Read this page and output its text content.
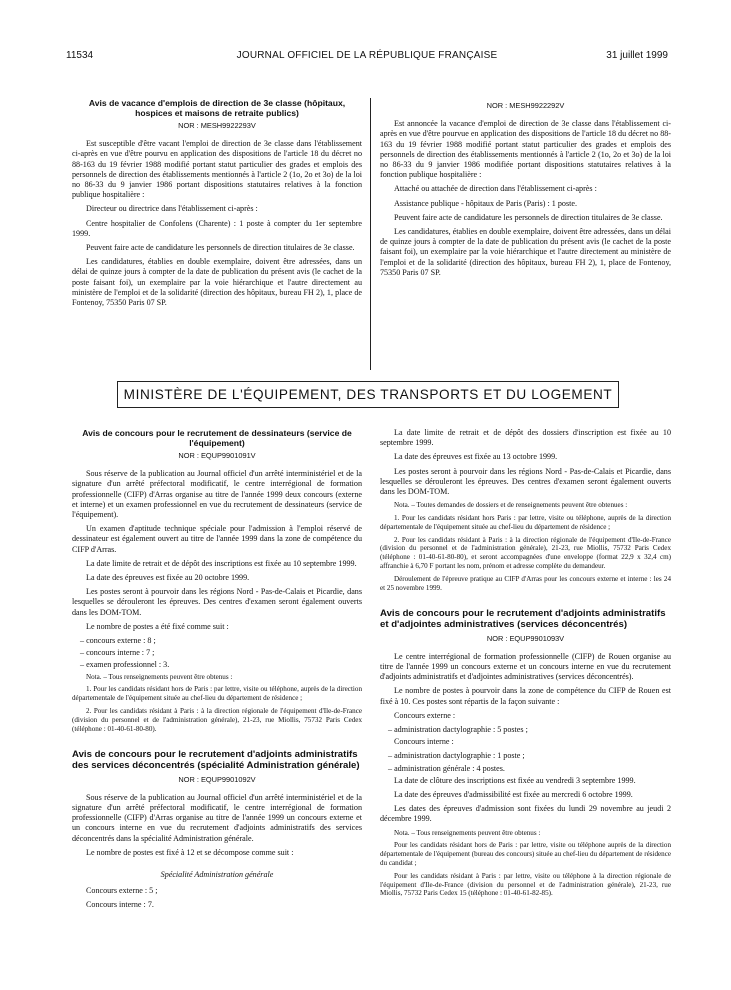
11534	JOURNAL OFFICIEL DE LA RÉPUBLIQUE FRANÇAISE	31 juillet 1999
Avis de vacance d'emplois de direction de 3e classe (hôpitaux, hospices et maisons de retraite publics)
NOR : MESH9922293V

Est susceptible d'être vacant l'emploi de direction de 3e classe dans l'établissement ci-après en vue d'être pourvu en application des dispositions de l'article 18 du décret no 88-163 du 19 février 1988 modifié portant statut particulier des grades et emplois des personnels de direction des établissements mentionnés à l'article 2 (1o, 2o et 3o) de la loi no 86-33 du 9 janvier 1986 portant dispositions statutaires relatives à la fonction publique hospitalière :

Directeur ou directrice dans l'établissement ci-après :

Centre hospitalier de Confolens (Charente) : 1 poste à compter du 1er septembre 1999.

Peuvent faire acte de candidature les personnels de direction titulaires de 3e classe.

Les candidatures, établies en double exemplaire, doivent être adressées, dans un délai de quinze jours à compter de la date de publication du présent avis (le cachet de la poste faisant foi), un exemplaire par la voie hiérarchique et l'autre directement au ministère de l'emploi et de la solidarité (direction des hôpitaux, bureau FH 2), 1, place de Fontenoy, 75350 Paris 07 SP.

NOR : MESH9922292V

Est annoncée la vacance d'emploi de direction de 3e classe dans l'établissement ci-après en vue d'être pourvue en application des dispositions de l'article 18 du décret no 88-163 du 19 février 1988 modifié portant statut particulier des grades et emplois des personnels de direction des établissements mentionnés à l'article 2 (1o, 2o et 3o) de la loi no 86-33 du 9 janvier 1986 modifiée portant dispositions statutaires relatives à la fonction publique hospitalière :

Attaché ou attachée de direction dans l'établissement ci-après :

Assistance publique - hôpitaux de Paris (Paris) : 1 poste.

Peuvent faire acte de candidature les personnels de direction titulaires de 3e classe.

Les candidatures, établies en double exemplaire, doivent être adressées, dans un délai de quinze jours à compter de la date de publication du présent avis (le cachet de la poste faisant foi), un exemplaire par la voie hiérarchique et l'autre directement au ministère de l'emploi et de la solidarité (direction des hôpitaux, bureau FH 2), 1, place de Fontenoy, 75350 Paris 07 SP.

MINISTÈRE DE L'ÉQUIPEMENT, DES TRANSPORTS ET DU LOGEMENT
Avis de concours pour le recrutement de dessinateurs (service de l'équipement)
NOR : EQUP9901091V

Sous réserve de la publication au Journal officiel d'un arrêté interministériel et de la signature d'un arrêté préfectoral modificatif, le centre interrégional de formation professionnelle (CIFP) d'Arras organise au titre de l'année 1999 deux concours (externe et interne) et un examen professionnel en vue du recrutement de dessinateurs (service de l'équipement).

Un examen d'aptitude technique spéciale pour l'admission à l'emploi réservé de dessinateur est également ouvert au titre de l'année 1999 dans la zone de compétence du CIFP d'Arras.

La date limite de retrait et de dépôt des inscriptions est fixée au 10 septembre 1999.

La date des épreuves est fixée au 20 octobre 1999.

Les postes seront à pourvoir dans les régions Nord - Pas-de-Calais et Picardie, dans lesquelles se dérouleront les épreuves. Des centres d'examen seront également ouverts dans les DOM-TOM.

Le nombre de postes a été fixé comme suit :

– concours externe : 8 ;

– concours interne : 7 ;

– examen professionnel : 3.

Nota. – Tous renseignements peuvent être obtenus :

1. Pour les candidats résidant hors de Paris : par lettre, visite ou téléphone, auprès de la direction départementale de l'équipement située au chef-lieu du département de résidence ;

2. Pour les candidats résidant à Paris : à la direction régionale de l'équipement d'Ile-de-France (division du personnel et de l'administration générale), 21-23, rue Miollis, 75732 Paris Cedex (téléphone : 01-40-61-80-80).

Avis de concours pour le recrutement d'adjoints administratifs des services déconcentrés (spécialité Administration générale)
NOR : EQUP9901092V

Sous réserve de la publication au Journal officiel d'un arrêté interministériel et de la signature d'un arrêté préfectoral modificatif, le centre interrégional de formation professionnelle (CIFP) d'Arras organise au titre de l'année 1999 un concours externe et un concours interne en vue du recrutement d'adjoints administratifs des services déconcentrés dans la spécialité Administration générale.

Le nombre de postes est fixé à 12 et se décompose comme suit :

Spécialité Administration générale

Concours externe : 5 ;

Concours interne : 7.

La date limite de retrait et de dépôt des dossiers d'inscription est fixée au 10 septembre 1999.

La date des épreuves est fixée au 13 octobre 1999.

Les postes seront à pourvoir dans les régions Nord - Pas-de-Calais et Picardie, dans lesquelles se dérouleront les épreuves. Des centres d'examen seront également ouverts dans les DOM-TOM.

Nota. – Toutes demandes de dossiers et de renseignements peuvent être obtenues :

1. Pour les candidats résidant hors Paris : par lettre, visite ou téléphone, auprès de la direction départementale de l'équipement située au chef-lieu du département de résidence ;

2. Pour les candidats résidant à Paris : à la direction régionale de l'équipement d'Ile-de-France (division du personnel et de l'administration générale), 21-23, rue Miollis, 75732 Paris Cedex (téléphone : 01-40-61-80-80), et seront accompagnées d'une enveloppe (format 22,9 x 32,4 cm) affranchie à 6,70 F portant les nom, prénom et adresse complète du demandeur.

Déroulement de l'épreuve pratique au CIFP d'Arras pour les concours externe et interne : les 24 et 25 novembre 1999.

Avis de concours pour le recrutement d'adjoints administratifs et d'adjointes administratives (services déconcentrés)
NOR : EQUP9901093V

Le centre interrégional de formation professionnelle (CIFP) de Rouen organise au titre de l'année 1999 un concours externe et un concours interne en vue du recrutement d'adjoints administratifs et d'adjointes administratives (services déconcentrés).

Le nombre de postes à pourvoir dans la zone de compétence du CIFP de Rouen est fixé à 10. Ces postes sont répartis de la façon suivante :

Concours externe :

– administration dactylographie : 5 postes ;

Concours interne :

– administration dactylographie : 1 poste ;

– administration générale : 4 postes.

La date de clôture des inscriptions est fixée au vendredi 3 septembre 1999.

La date des épreuves d'admissibilité est fixée au mercredi 6 octobre 1999.

Les dates des épreuves d'admission sont fixées du lundi 29 novembre au jeudi 2 décembre 1999.

Nota. – Tous renseignements peuvent être obtenus :

Pour les candidats résidant hors de Paris : par lettre, visite ou téléphone auprès de la direction départementale de l'équipement (bureau des concours) située au chef-lieu du département de résidence du candidat ;

Pour les candidats résidant à Paris : par lettre, visite ou téléphone à la direction régionale de l'équipement d'Ile-de-France (division du personnel et de l'administration générale), 21-23, rue Miollis, 75732 Paris Cedex 15 (téléphone : 01-40-61-82-85).
